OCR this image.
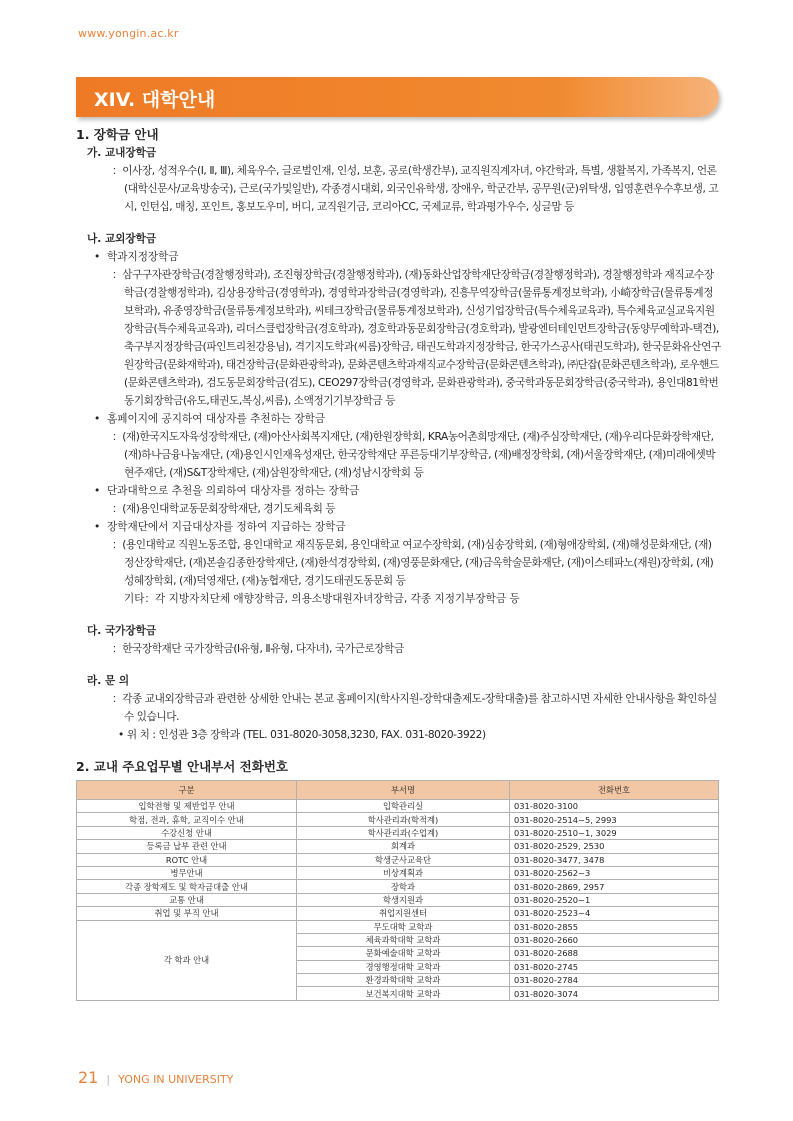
www.yongin.ac.kr
XIV. 대학안내
1. 장학금 안내
가. 교내장학금
：이사장, 성적우수(Ⅰ, Ⅱ, Ⅲ), 체육우수, 글로벌인재, 인성, 보훈, 공로(학생간부), 교직원직계자녀, 야간학과, 특별, 생활복지, 가족복지, 언론(대학신문사/교육방송국), 근로(국가및일반), 각종경시대회, 외국인유학생, 장애우, 학군간부, 공무원(군)위탁생, 입영훈련우수후보생, 고시, 인턴십, 매칭, 포인트, 홍보도우미, 버디, 교직원기금, 코리아CC, 국제교류, 학과평가우수, 싱글맘 등
나. 교외장학금
• 학과지정장학금
：삼구구자관장학금(경찰행정학과), 조진형장학금(경찰행정학과), (재)동화산업장학재단장학금(경찰행정학과), 경찰행정학과 재직교수장학금(경찰행정학과), 김상용장학금(경영학과), 경영학과장학금(경영학과), 진흥무역장학금(물류통계정보학과), 小崎장학금(물류통계정보학과), 유종영장학금(물류통계정보학과), 씨테크장학금(물류통계정보학과), 신성기업장학금(특수체육교육과), 특수체육교실교육지원장학금(특수체육교육과), 리더스클럽장학금(경호학과), 경호학과동문회장학금(경호학과), 발광엔터테인먼트장학금(동양무예학과-택견), 축구부지정장학금(파인트리천강용님), 격기지도학과(씨름)장학금, 태권도학과지정장학금, 한국가스공사(태권도학과), 한국문화유산연구원장학금(문화재학과), 태건장학금(문화관광학과), 문화콘텐츠학과재직교수장학금(문화콘텐츠학과), ㈜단잡(문화콘텐츠학과), 로우핸드(문화콘텐츠학과), 검도동문회장학금(검도), CEO297장학금(경영학과, 문화관광학과), 중국학과동문회장학금(중국학과), 용인대81학번동기회장학금(유도,태권도,복싱,씨름), 소액정기기부장학금 등
• 홈페이지에 공지하여 대상자를 추천하는 장학금
：(재)한국지도자육성장학재단, (재)아산사회복지재단, (재)한원장학회, KRA농어촌희망재단, (재)주심장학재단, (재)우리다문화장학재단, (재)하나금융나눔재단, (재)용인시인재육성재단, 한국장학재단 푸른등대기부장학금, (재)배정장학회, (재)서울장학재단, (재)미래에셋박현주재단, (재)S&T장학재단, (재)삼원장학재단, (재)성남시장학회 등
• 단과대학으로 추천을 의뢰하여 대상자를 정하는 장학금
：(재)용인대학교동문회장학재단, 경기도체육회 등
• 장학재단에서 지급대상자를 정하여 지급하는 장학금
：(용인대학교 직원노동조합, 용인대학교 재직동문회, 용인대학교 여교수장학회, (재)심송장학회, (재)형애장학회, (재)해성문화재단, (재)정산장학재단, (재)본솔김종한장학재단, (재)한석경장학회, (재)영풍문화재단, (재)금옥학술문화재단, (재)이스테파노(재원)장학회, (재)성혜장학회, (재)덕영재단, (재)농협재단, 경기도태권도동문회 등
기타：각 지방자치단체 애향장학금, 의용소방대원자녀장학금, 각종 지정기부장학금 등
다. 국가장학금
：한국장학재단 국가장학금(Ⅰ유형, Ⅱ유형, 다자녀), 국가근로장학금
라. 문 의
：각종 교내외장학금과 관련한 상세한 안내는 본교 홈페이지(학사지원-장학대출제도-장학대출)를 참고하시면 자세한 안내사항을 확인하실 수 있습니다.
• 위 치 : 인성관 3층 장학과 (TEL. 031-8020-3058,3230, FAX. 031-8020-3922)
2. 교내 주요업무별 안내부서 전화번호
구분	부서명	전화번호
입학전형 및 제반업무 안내	입학관리실	031-8020-3100
학점, 전과, 휴학, 교직이수 안내	학사관리과(학적계)	031-8020-2514~5, 2993
수강신청 안내	학사관리과(수업계)	031-8020-2510~1, 3029
등록금 납부 관련 안내	회계과	031-8020-2529, 2530
ROTC 안내	학생군사교육단	031-8020-3477, 3478
병무안내	비상계획과	031-8020-2562~3
각종 장학제도 및 학자금대출 안내	장학과	031-8020-2869, 2957
교통 안내	학생지원과	031-8020-2520~1
취업 및 부직 안내	취업지원센터	031-8020-2523~4
각 학과 안내	무도대학 교학과	031-8020-2855
	체육과학대학 교학과	031-8020-2660
	문화예술대학 교학과	031-8020-2688
	경영행정대학 교학과	031-8020-2745
	환경과학대학 교학과	031-8020-2784
	보건복지대학 교학과	031-8020-3074
21 | YONG IN UNIVERSITY
